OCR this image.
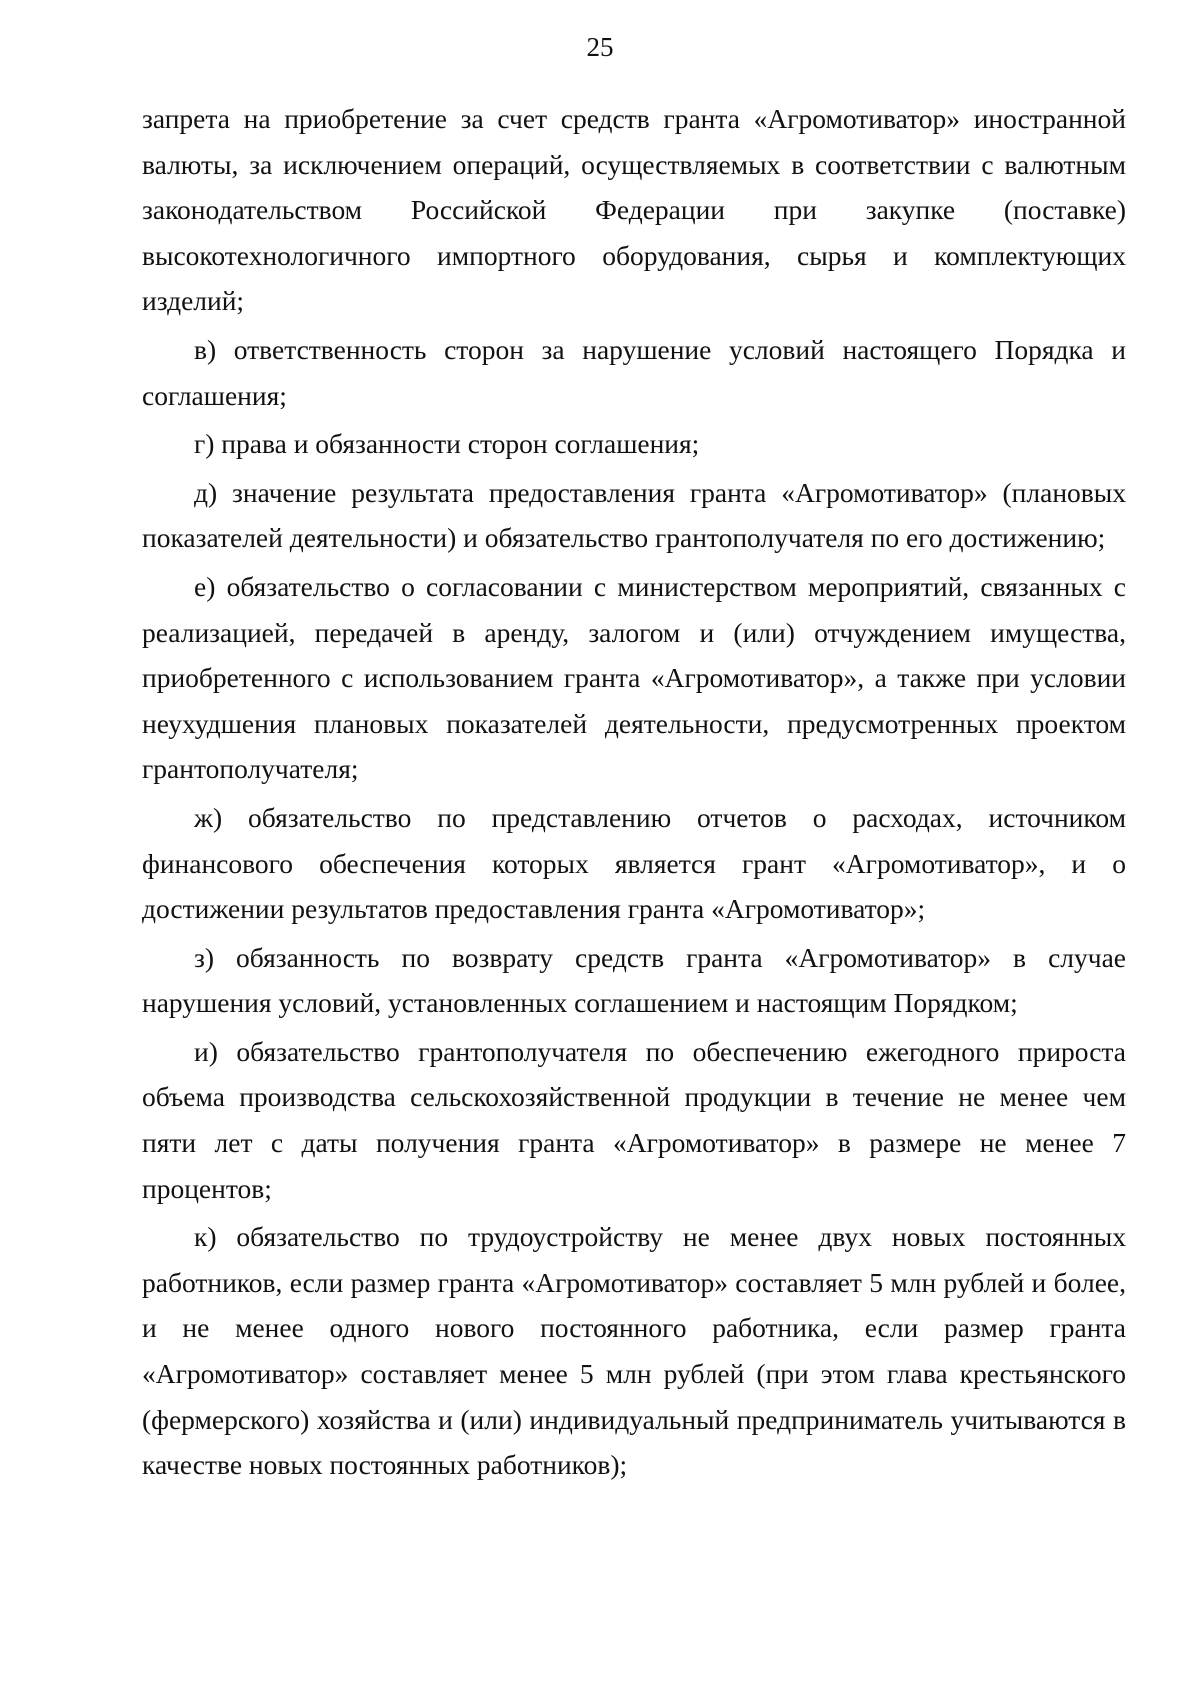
25

запрета на приобретение за счет средств гранта «Агромотиватор» иностранной валюты, за исключением операций, осуществляемых в соответствии с валютным законодательством Российской Федерации при закупке (поставке) высокотехнологичного импортного оборудования, сырья и комплектующих изделий;

в) ответственность сторон за нарушение условий настоящего Порядка и соглашения;

г) права и обязанности сторон соглашения;

д) значение результата предоставления гранта «Агромотиватор» (плановых показателей деятельности) и обязательство грантополучателя по его достижению;

е) обязательство о согласовании с министерством мероприятий, связанных с реализацией, передачей в аренду, залогом и (или) отчуждением имущества, приобретенного с использованием гранта «Агромотиватор», а также при условии неухудшения плановых показателей деятельности, предусмотренных проектом грантополучателя;

ж) обязательство по представлению отчетов о расходах, источником финансового обеспечения которых является грант «Агромотиватор», и о достижении результатов предоставления гранта «Агромотиватор»;

з) обязанность по возврату средств гранта «Агромотиватор» в случае нарушения условий, установленных соглашением и настоящим Порядком;

и) обязательство грантополучателя по обеспечению ежегодного прироста объема производства сельскохозяйственной продукции в течение не менее чем пяти лет с даты получения гранта «Агромотиватор» в размере не менее 7 процентов;

к) обязательство по трудоустройству не менее двух новых постоянных работников, если размер гранта «Агромотиватор» составляет 5 млн рублей и более, и не менее одного нового постоянного работника, если размер гранта «Агромотиватор» составляет менее 5 млн рублей (при этом глава крестьянского (фермерского) хозяйства и (или) индивидуальный предприниматель учитываются в качестве новых постоянных работников);
